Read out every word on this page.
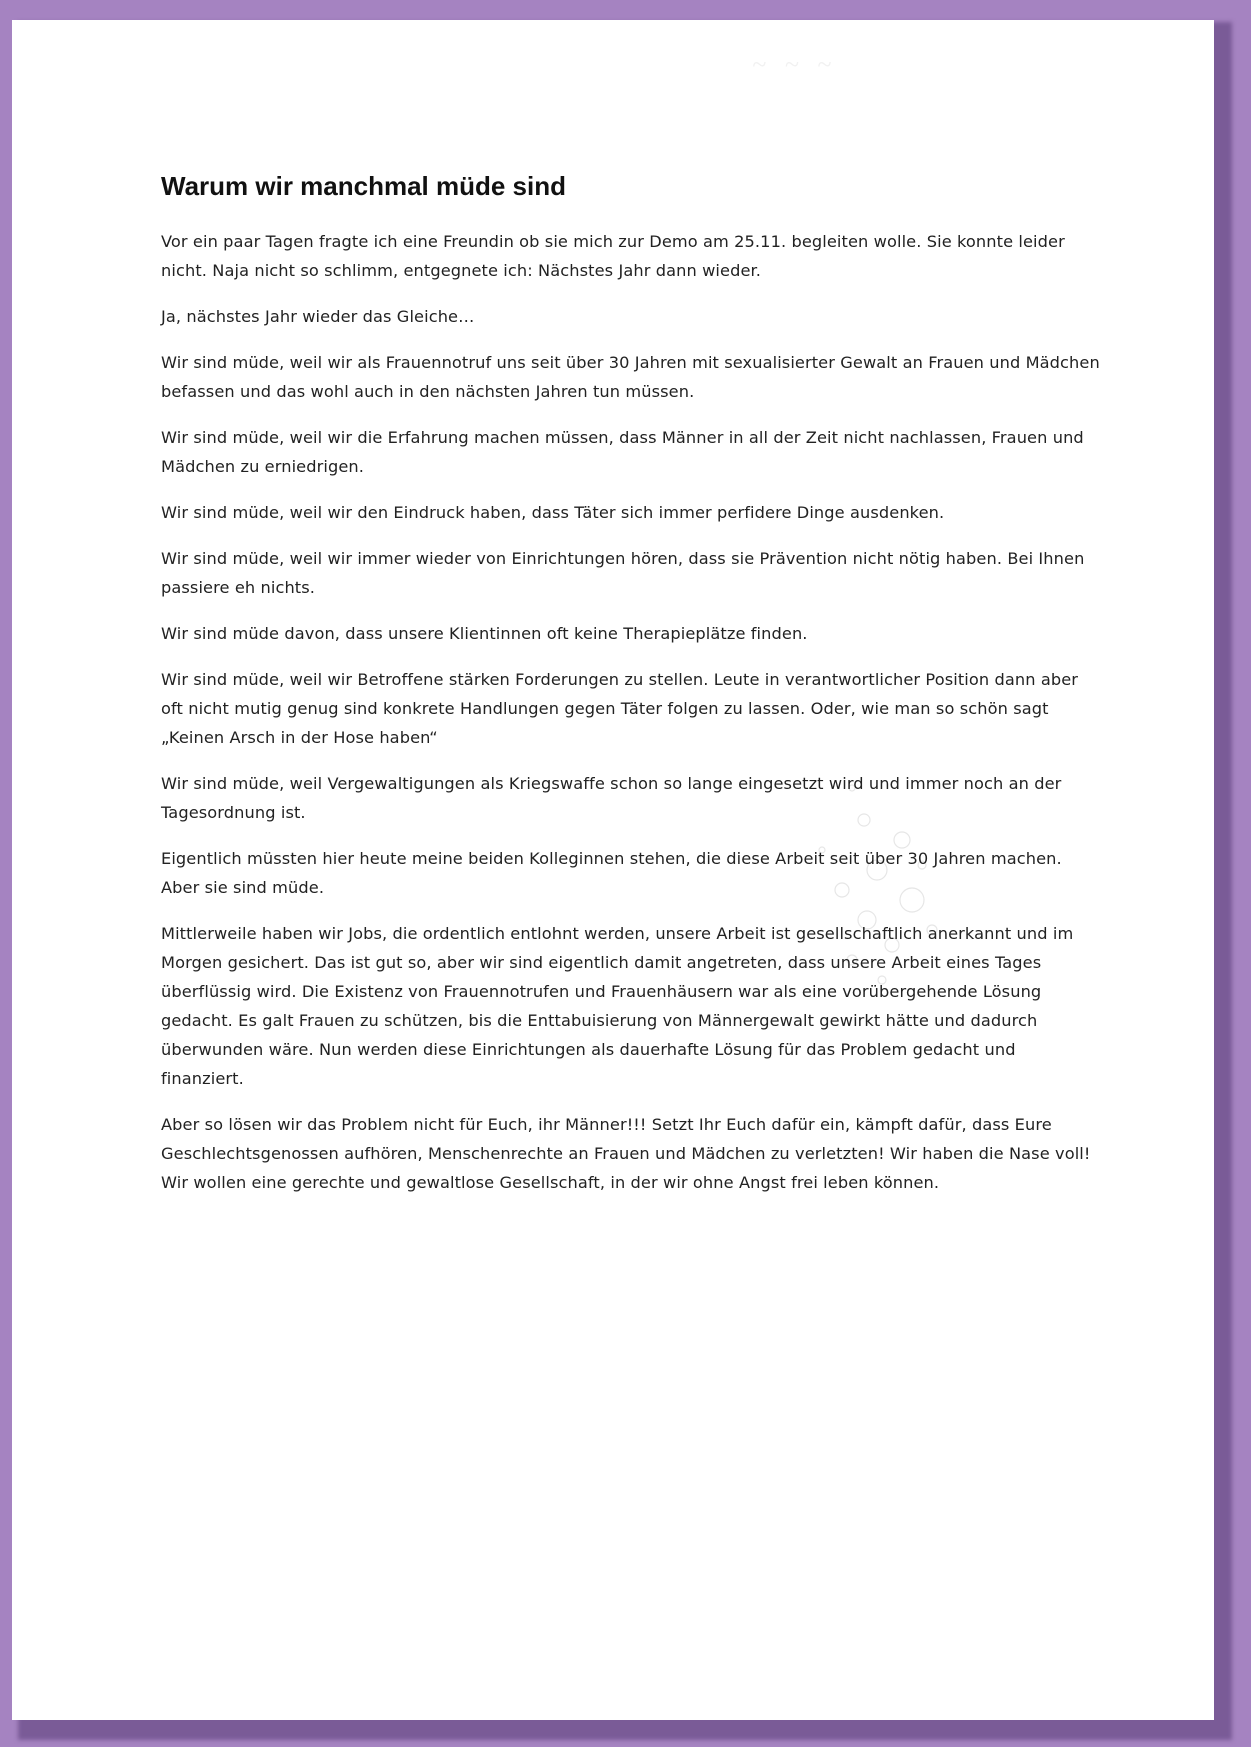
~ ~ ~
Warum wir manchmal müde sind

Vor ein paar Tagen fragte ich eine Freundin ob sie mich zur Demo am 25.11. begleiten wolle. Sie konnte leider nicht. Naja nicht so schlimm, entgegnete ich: Nächstes Jahr dann wieder.

Ja, nächstes Jahr wieder das Gleiche…

Wir sind müde, weil wir als Frauennotruf uns seit über 30 Jahren mit sexualisierter Gewalt an Frauen und Mädchen befassen und das wohl auch in den nächsten Jahren tun müssen.

Wir sind müde, weil wir die Erfahrung machen müssen, dass Männer in all der Zeit nicht nachlassen, Frauen und Mädchen zu erniedrigen.

Wir sind müde, weil wir den Eindruck haben, dass Täter sich immer perfidere Dinge ausdenken.

Wir sind müde, weil wir immer wieder von Einrichtungen hören, dass sie Prävention nicht nötig haben. Bei Ihnen passiere eh nichts.

Wir sind müde davon, dass unsere Klientinnen oft keine Therapieplätze finden.

Wir sind müde, weil wir Betroffene stärken Forderungen zu stellen. Leute in verantwortlicher Position dann aber oft nicht mutig genug sind konkrete Handlungen gegen Täter folgen zu lassen. Oder, wie man so schön sagt „Keinen Arsch in der Hose haben“

Wir sind müde, weil Vergewaltigungen als Kriegswaffe schon so lange eingesetzt wird und immer noch an der Tagesordnung ist.

Eigentlich müssten hier heute meine beiden Kolleginnen stehen, die diese Arbeit seit über 30 Jahren machen. Aber sie sind müde.

Mittlerweile haben wir Jobs, die ordentlich entlohnt werden, unsere Arbeit ist gesellschaftlich anerkannt und im Morgen gesichert. Das ist gut so, aber wir sind eigentlich damit angetreten, dass unsere Arbeit eines Tages überflüssig wird. Die Existenz von Frauennotrufen und Frauenhäusern war als eine vorübergehende Lösung gedacht. Es galt Frauen zu schützen, bis die Enttabuisierung von Männergewalt gewirkt hätte und dadurch überwunden wäre. Nun werden diese Einrichtungen als dauerhafte Lösung für das Problem gedacht und finanziert.

Aber so lösen wir das Problem nicht für Euch, ihr Männer!!! Setzt Ihr Euch dafür ein, kämpft dafür, dass Eure Geschlechtsgenossen aufhören, Menschenrechte an Frauen und Mädchen zu verletzten! Wir haben die Nase voll! Wir wollen eine gerechte und gewaltlose Gesellschaft, in der wir ohne Angst frei leben können.
